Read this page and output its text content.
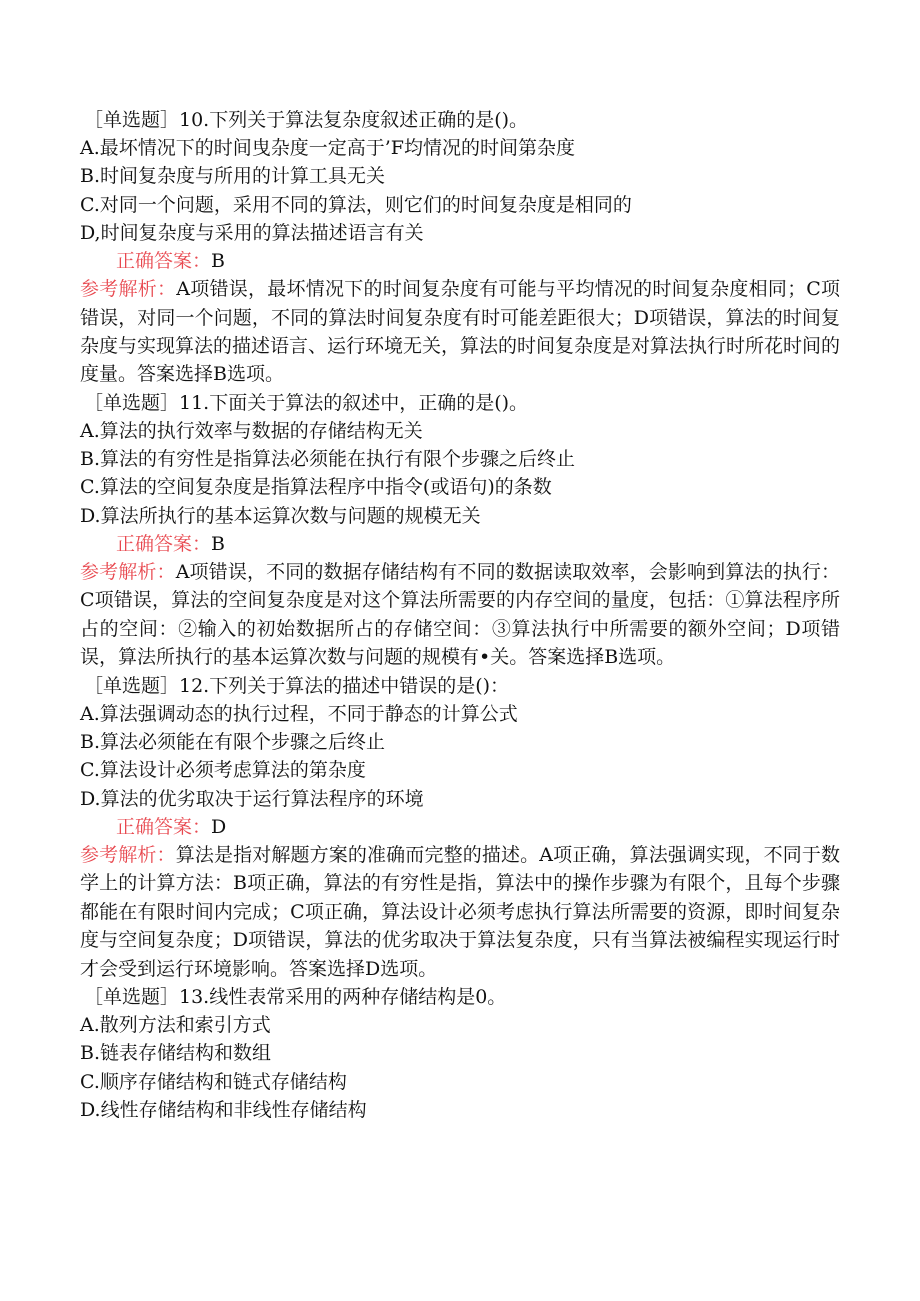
［单选题］10.下列关于算法复杂度叙述正确的是()。

A.最坏情况下的时间曳杂度一定高于’F均情况的时间第杂度

B.时间复杂度与所用的计算工具无关

C.对同一个问题，采用不同的算法，则它们的时间复杂度是相同的

D,时间复杂度与采用的算法描述语言有关

正确答案：B

参考解析：A项错误，最坏情况下的时间复杂度有可能与平均情况的时间复杂度相同；C项错误，对同一个问题，不同的算法时间复杂度有时可能差距很大；D项错误，算法的时间复杂度与实现算法的描述语言、运行环境无关，算法的时间复杂度是对算法执行时所花时间的度量。答案选择B选项。

［单选题］11.下面关于算法的叙述中，正确的是()。

A.算法的执行效率与数据的存储结构无关

B.算法的有穷性是指算法必须能在执行有限个步骤之后终止

C.算法的空间复杂度是指算法程序中指令(或语句)的条数

D.算法所执行的基本运算次数与问题的规模无关

正确答案：B

参考解析：A项错误，不同的数据存储结构有不同的数据读取效率，会影响到算法的执行：C项错误，算法的空间复杂度是对这个算法所需要的内存空间的量度，包括：①算法程序所占的空间：②输入的初始数据所占的存储空间：③算法执行中所需要的额外空间；D项错误，算法所执行的基本运算次数与问题的规模有•关。答案选择B选项。

［单选题］12.下列关于算法的描述中错误的是()：

A.算法强调动态的执行过程，不同于静态的计算公式

B.算法必须能在有限个步骤之后终止

C.算法设计必须考虑算法的第杂度

D.算法的优劣取决于运行算法程序的环境

正确答案：D

参考解析：算法是指对解题方案的准确而完整的描述。A项正确，算法强调实现，不同于数学上的计算方法：B项正确，算法的有穷性是指，算法中的操作步骤为有限个，且每个步骤都能在有限时间内完成；C项正确，算法设计必须考虑执行算法所需要的资源，即时间复杂度与空间复杂度；D项错误，算法的优劣取决于算法复杂度，只有当算法被编程实现运行时才会受到运行环境影响。答案选择D选项。

［单选题］13.线性表常采用的两种存储结构是0。

A.散列方法和索引方式

B.链表存储结构和数组

C.顺序存储结构和链式存储结构

D.线性存储结构和非线性存储结构
